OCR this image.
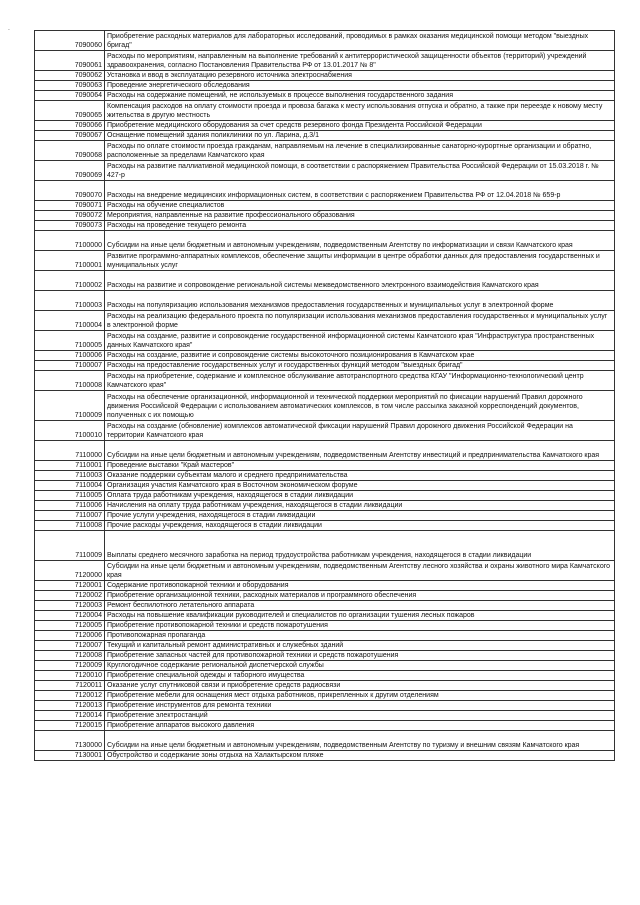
`
7090060	Приобретение расходных материалов для лабораторных исследований, проводимых в рамках оказания медицинской помощи методом "выездных бригад"
7090061	Расходы по мероприятиям, направленным на выполнение требований к антитеррористической защищенности объектов (территорий) учреждений здравоохранения, согласно Постановления Правительства РФ от 13.01.2017 № 8"
7090062	Установка и ввод в эксплуатацию резервного источника электроснабжения
7090063	Проведение энергетического обследования
7090064	Расходы на содержание помещений, не используемых в процессе выполнения государственного задания
7090065	Компенсация расходов на оплату стоимости проезда и провоза багажа к месту использования отпуска и обратно, а также при переезде к новому месту жительства в другую местность
7090066	Приобретение медицинского оборудования за счет средств резервного фонда Президента Российской Федерации
7090067	Оснащение помещений здания поликлиники по ул. Ларина, д.3/1
7090068	Расходы по оплате стоимости проезда гражданам, направляемым на лечение в специализированные санаторно-курортные организации и обратно, расположенные за пределами Камчатского края
7090069	Расходы на развитие паллиативной медицинской помощи, в соответствии с распоряжением Правительства Российской Федерации от 15.03.2018 г. № 427-р
7090070	Расходы на внедрение медицинских информационных систем, в соответствии с распоряжением Правительства РФ от 12.04.2018 № 659-р
7090071	Расходы на обучение специалистов
7090072	Мероприятия, направленные на развитие профессионального образования
7090073	Расходы на проведение текущего ремонта
7100000	Субсидии на иные цели бюджетным и автономным учреждениям, подведомственным Агентству по информатизации и связи Камчатского края
7100001	Развитие программно-аппаратных комплексов, обеспечение защиты информации в центре обработки данных для предоставления государственных и муниципальных услуг
7100002	Расходы на развитие и сопровождение региональной системы межведомственного электронного взаимодействия Камчатского края
7100003	Расходы на популяризацию использования механизмов предоставления государственных и муниципальных услуг в электронной форме
7100004	Расходы на реализацию федерального проекта по популяризации использования механизмов предоставления государственных и муниципальных услуг в электронной форме
7100005	Расходы на создание, развитие и сопровождение государственной информационной системы Камчатского края "Инфраструктура пространственных данных Камчатского края"
7100006	Расходы на создание, развитие и сопровождение системы высокоточного позиционирования в Камчатском крае
7100007	Расходы на предоставление государственных услуг и государственных функций методом "выездных бригад"
7100008	Расходы на приобретение, содержание и комплексное обслуживание автотранспортного средства КГАУ "Информационно-технологический центр Камчатского края"
7100009	Расходы на обеспечение организационной, информационной и технической поддержки мероприятий по фиксации нарушений Правил дорожного движения Российской Федерации с использованием автоматических комплексов, в том числе рассылка заказной корреспонденций документов, полученных с их помощью
7100010	Расходы на создание (обновление) комплексов автоматической фиксации нарушений Правил дорожного движения Российской Федерации на территории Камчатского края
7110000	Субсидии на иные цели бюджетным и автономным учреждениям, подведомственным Агентству инвестиций и предпринимательства Камчатского края
7110001	Проведение выставки "Край мастеров"
7110003	Оказание поддержки субъектам малого и среднего предпринимательства
7110004	Организация участия Камчатского края в Восточном экономическом форуме
7110005	Оплата труда работникам учреждения, находящегося в стадии ликвидации
7110006	Начисления на оплату труда работникам учреждения, находящегося в стадии ликвидации
7110007	Прочие услуги учреждения, находящегося в стадии ликвидации
7110008	Прочие расходы учреждения, находящегося в стадии ликвидации
7110009	Выплаты среднего месячного заработка на период трудоустройства работникам учреждения, находящегося в стадии ликвидации
7120000	Субсидии на иные цели бюджетным и автономным учреждениям, подведомственным Агентству лесного хозяйства и охраны животного мира Камчатского края
7120001	Содержание противопожарной техники и оборудования
7120002	Приобретение организационной техники, расходных материалов и программного обеспечения
7120003	Ремонт беспилотного летательного аппарата
7120004	Расходы на повышение квалификации руководителей и специалистов по организации тушения лесных пожаров
7120005	Приобретение противопожарной техники и средств пожаротушения
7120006	Противопожарная пропаганда
7120007	Текущий и капитальный ремонт административных и служебных зданий
7120008	Приобретение запасных частей для противопожарной техники и средств пожаротушения
7120009	Круглогодичное содержание региональной диспетчерской службы
7120010	Приобретение специальной одежды и таборного имущества
7120011	Оказание услуг спутниковой связи и приобретение средств радиосвязи
7120012	Приобретение мебели для оснащения мест отдыха работников, прикрепленных к другим отделениям
7120013	Приобретение инструментов для ремонта техники
7120014	Приобретение электростанций
7120015	Приобретение аппаратов высокого давления
7130000	Субсидии на иные цели бюджетным и автономным учреждениям, подведомственным Агентству по туризму и внешним связям Камчатского края
7130001	Обустройство и содержание зоны отдыха на Халактырском пляже
